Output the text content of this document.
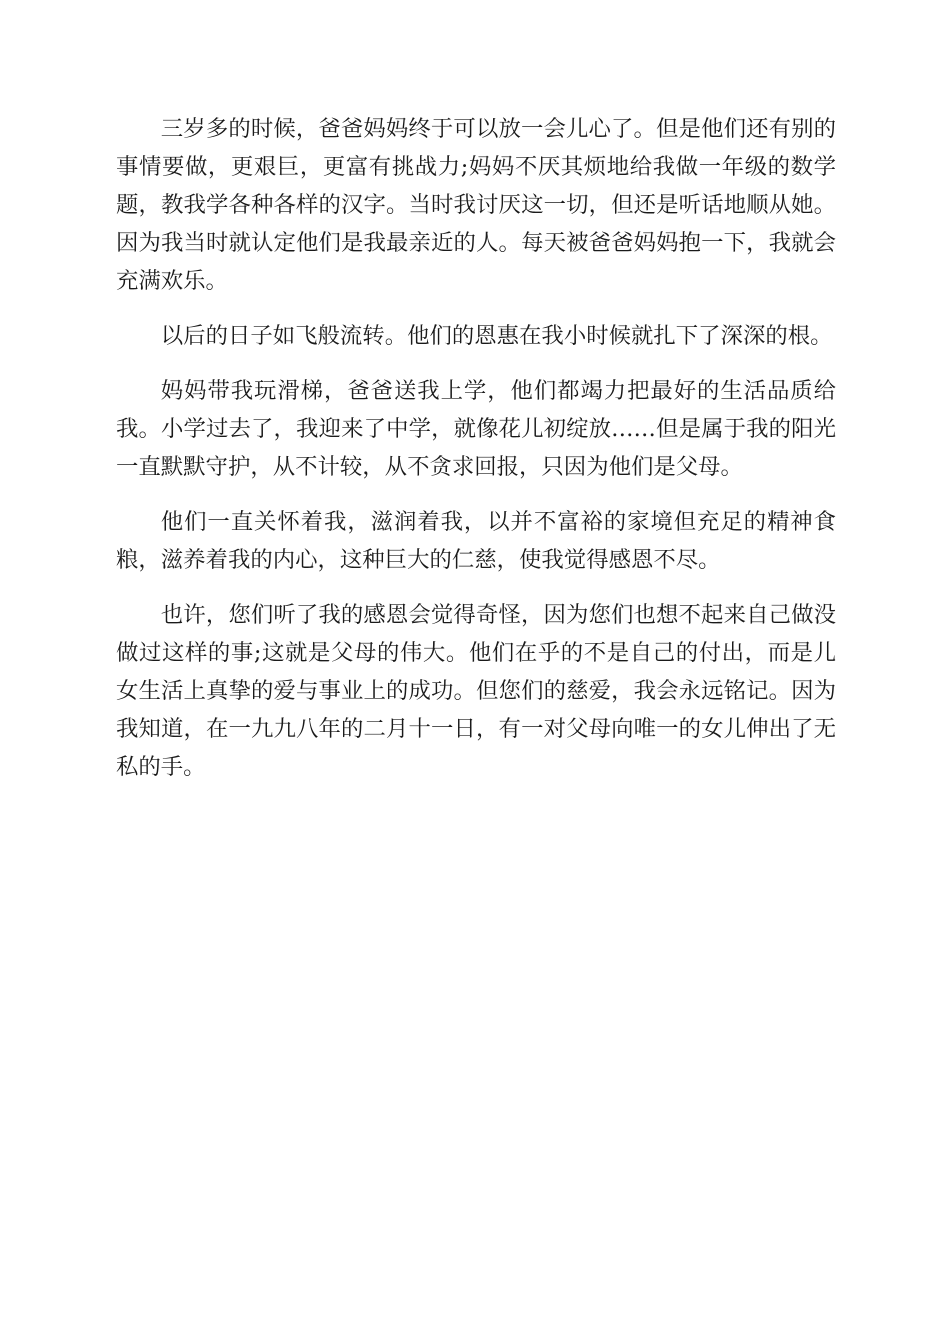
三岁多的时候，爸爸妈妈终于可以放一会儿心了。但是他们还有别的事情要做，更艰巨，更富有挑战力;妈妈不厌其烦地给我做一年级的数学题，教我学各种各样的汉字。当时我讨厌这一切，但还是听话地顺从她。因为我当时就认定他们是我最亲近的人。每天被爸爸妈妈抱一下，我就会充满欢乐。

以后的日子如飞般流转。他们的恩惠在我小时候就扎下了深深的根。

妈妈带我玩滑梯，爸爸送我上学，他们都竭力把最好的生活品质给我。小学过去了，我迎来了中学，就像花儿初绽放……但是属于我的阳光一直默默守护，从不计较，从不贪求回报，只因为他们是父母。

他们一直关怀着我，滋润着我，以并不富裕的家境但充足的精神食粮，滋养着我的内心，这种巨大的仁慈，使我觉得感恩不尽。

也许，您们听了我的感恩会觉得奇怪，因为您们也想不起来自己做没做过这样的事;这就是父母的伟大。他们在乎的不是自己的付出，而是儿女生活上真挚的爱与事业上的成功。但您们的慈爱，我会永远铭记。因为我知道，在一九九八年的二月十一日，有一对父母向唯一的女儿伸出了无私的手。
